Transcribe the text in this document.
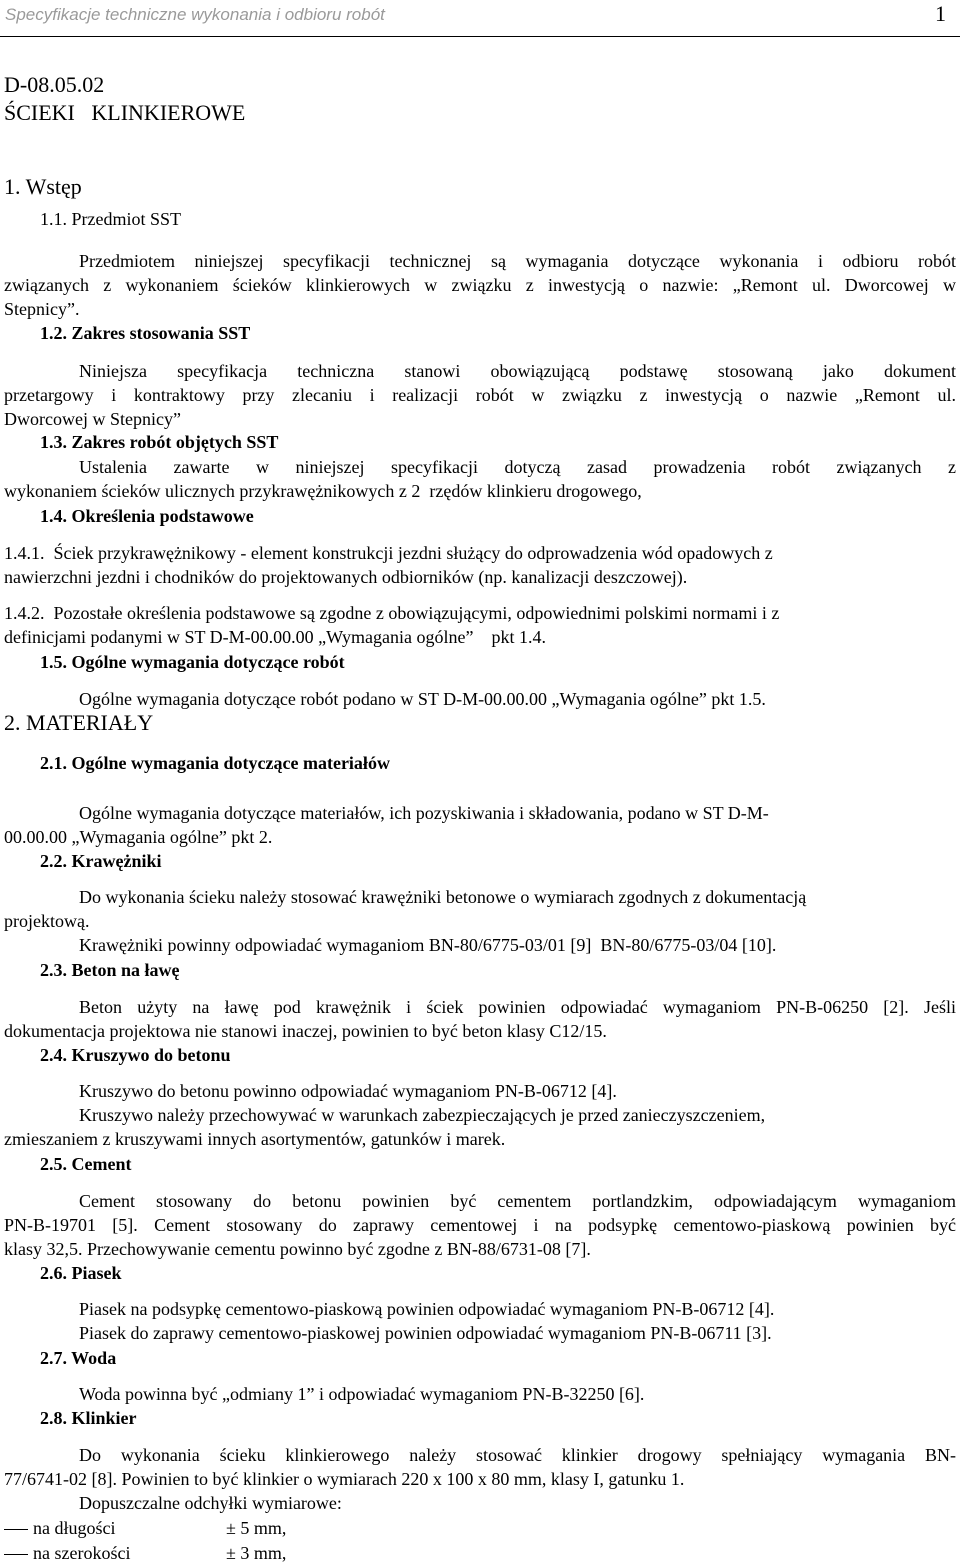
Specyfikacje techniczne wykonania i odbioru robót	1
D-08.05.02
ŚCIEKI   KLINKIEROWE
1. Wstęp
1.1. Przedmiot SST
Przedmiotem niniejszej specyfikacji technicznej są wymagania dotyczące wykonania i odbioru robót
związanych z wykonaniem ścieków klinkierowych w związku z inwestycją o nazwie: „Remont ul. Dworcowej w
Stepnicy”.
1.2. Zakres stosowania SST
Niniejsza specyfikacja techniczna stanowi obowiązującą podstawę stosowaną jako dokument
przetargowy i kontraktowy przy zlecaniu i realizacji robót w związku z inwestycją o nazwie „Remont ul.
Dworcowej w Stepnicy”
1.3. Zakres robót objętych SST
Ustalenia zawarte w niniejszej specyfikacji dotyczą zasad prowadzenia robót związanych z
wykonaniem ścieków ulicznych przykrawężnikowych z 2  rzędów klinkieru drogowego,
1.4. Określenia podstawowe
1.4.1.  Ściek przykrawężnikowy - element konstrukcji jezdni służący do odprowadzenia wód opadowych z
nawierzchni jezdni i chodników do projektowanych odbiorników (np. kanalizacji deszczowej).
1.4.2.  Pozostałe określenia podstawowe są zgodne z obowiązującymi, odpowiednimi polskimi normami i z
definicjami podanymi w ST D-M-00.00.00 „Wymagania ogólne”    pkt 1.4.
1.5. Ogólne wymagania dotyczące robót
Ogólne wymagania dotyczące robót podano w ST D-M-00.00.00 „Wymagania ogólne” pkt 1.5.
2. MATERIAŁY
2.1. Ogólne wymagania dotyczące materiałów
Ogólne wymagania dotyczące materiałów, ich pozyskiwania i składowania, podano w ST D-M-
00.00.00 „Wymagania ogólne” pkt 2.
2.2. Krawężniki
Do wykonania ścieku należy stosować krawężniki betonowe o wymiarach zgodnych z dokumentacją
projektową.
Krawężniki powinny odpowiadać wymaganiom BN-80/6775-03/01 [9]  BN-80/6775-03/04 [10].
2.3. Beton na ławę
Beton użyty na ławę pod krawężnik i ściek powinien odpowiadać wymaganiom PN-B-06250 [2]. Jeśli
dokumentacja projektowa nie stanowi inaczej, powinien to być beton klasy C12/15.
2.4. Kruszywo do betonu
Kruszywo do betonu powinno odpowiadać wymaganiom PN-B-06712 [4].
Kruszywo należy przechowywać w warunkach zabezpieczających je przed zanieczyszczeniem,
zmieszaniem z kruszywami innych asortymentów, gatunków i marek.
2.5. Cement
Cement stosowany do betonu powinien być cementem portlandzkim, odpowiadającym wymaganiom
PN-B-19701 [5]. Cement stosowany do zaprawy cementowej i na podsypkę cementowo-piaskową powinien być
klasy 32,5. Przechowywanie cementu powinno być zgodne z BN-88/6731-08 [7].
2.6. Piasek
Piasek na podsypkę cementowo-piaskową powinien odpowiadać wymaganiom PN-B-06712 [4].
Piasek do zaprawy cementowo-piaskowej powinien odpowiadać wymaganiom PN-B-06711 [3].
2.7. Woda
Woda powinna być „odmiany 1” i odpowiadać wymaganiom PN-B-32250 [6].
2.8. Klinkier
Do wykonania ścieku klinkierowego należy stosować klinkier drogowy spełniający wymagania BN-
77/6741-02 [8]. Powinien to być klinkier o wymiarach 220 x 100 x 80 mm, klasy I, gatunku 1.
Dopuszczalne odchyłki wymiarowe:
na długości	± 5 mm,
na szerokości	± 3 mm,
